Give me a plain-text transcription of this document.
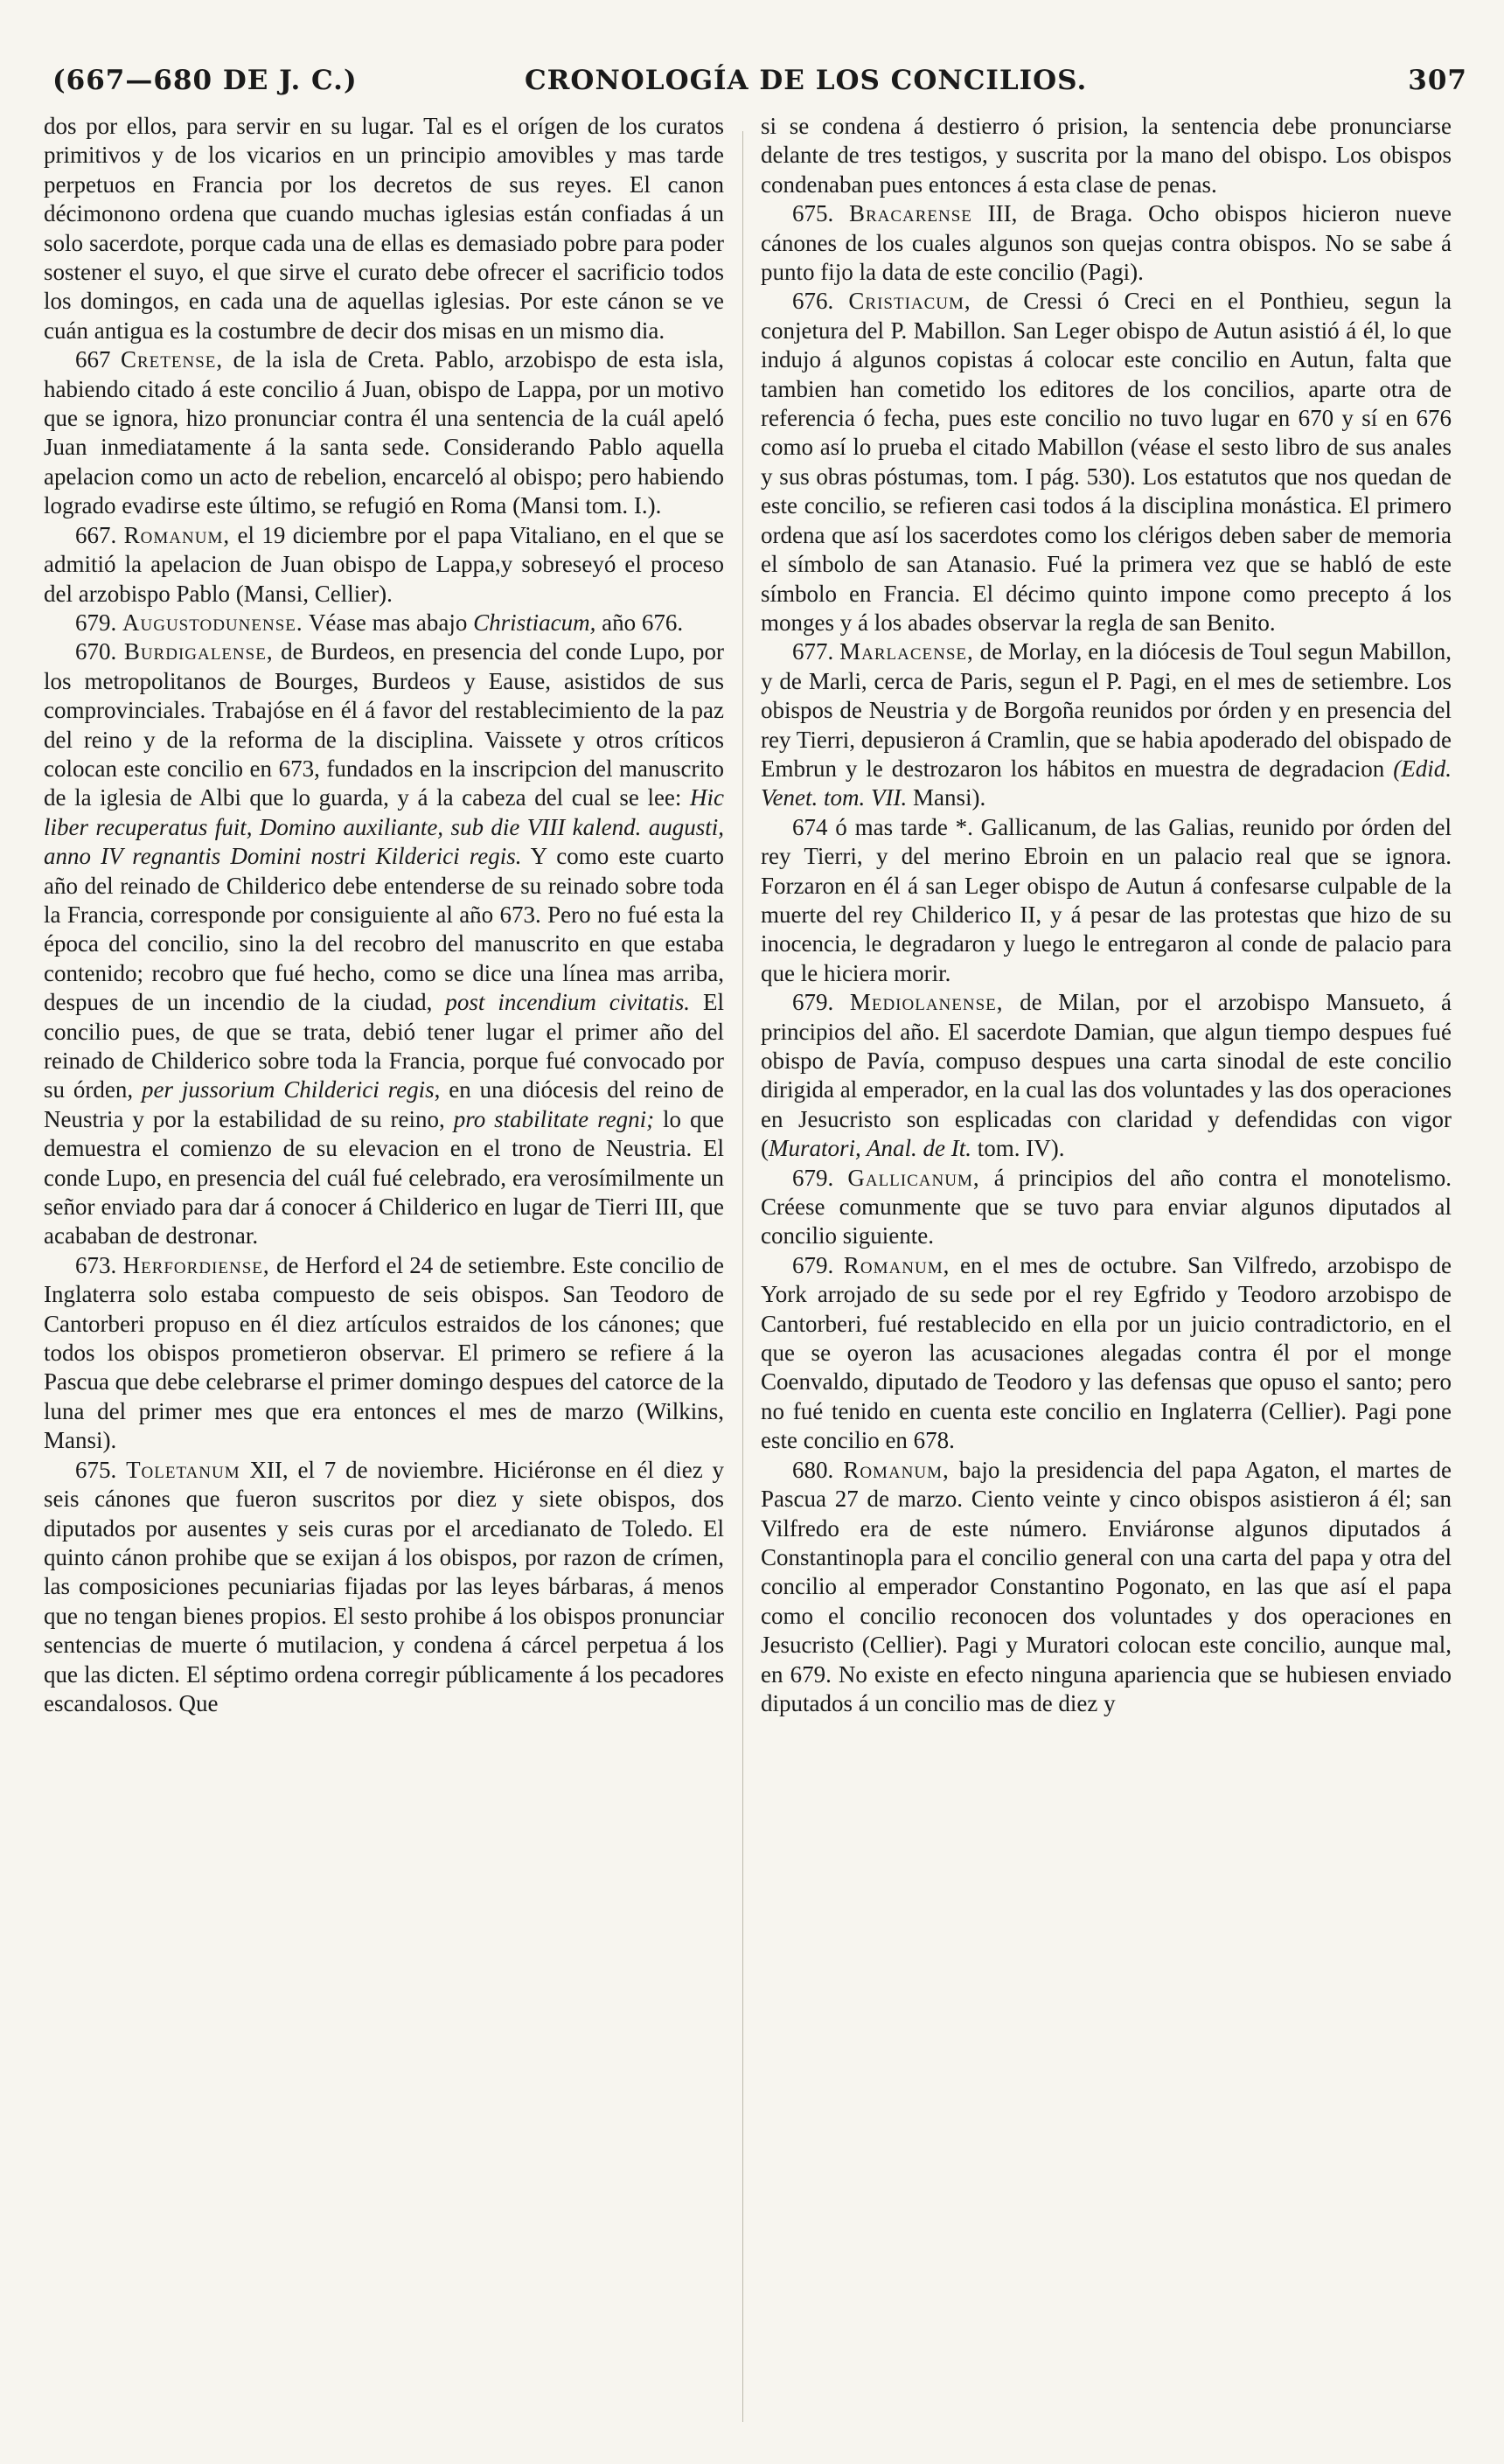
(667—680 DE J. C.)	CRONOLOGÍA DE LOS CONCILIOS.	307

dos por ellos, para servir en su lugar. Tal es el orígen de los curatos primitivos y de los vicarios en un principio amovibles y mas tarde perpetuos en Francia por los decretos de sus reyes. El canon décimonono ordena que cuando muchas iglesias están confiadas á un solo sacerdote, porque cada una de ellas es demasiado pobre para poder sostener el suyo, el que sirve el curato debe ofrecer el sacrificio todos los domingos, en cada una de aquellas iglesias. Por este cánon se ve cuán antigua es la costumbre de decir dos misas en un mismo dia.

667 Cretense, de la isla de Creta. Pablo, arzobispo de esta isla, habiendo citado á este concilio á Juan, obispo de Lappa, por un motivo que se ignora, hizo pronunciar contra él una sentencia de la cuál apeló Juan inmediatamente á la santa sede. Considerando Pablo aquella apelacion como un acto de rebelion, encarceló al obispo; pero habiendo logrado evadirse este último, se refugió en Roma (Mansi tom. I.).

667. Romanum, el 19 diciembre por el papa Vitaliano, en el que se admitió la apelacion de Juan obispo de Lappa,y sobreseyó el proceso del arzobispo Pablo (Mansi, Cellier).

679. Augustodunense. Véase mas abajo Christiacum, año 676.

670. Burdigalense, de Burdeos, en presencia del conde Lupo, por los metropolitanos de Bourges, Burdeos y Eause, asistidos de sus comprovinciales. Trabajóse en él á favor del restablecimiento de la paz del reino y de la reforma de la disciplina. Vaissete y otros críticos colocan este concilio en 673, fundados en la inscripcion del manuscrito de la iglesia de Albi que lo guarda, y á la cabeza del cual se lee: Hic liber recuperatus fuit, Domino auxiliante, sub die VIII kalend. augusti, anno IV regnantis Domini nostri Kilderici regis. Y como este cuarto año del reinado de Childerico debe entenderse de su reinado sobre toda la Francia, corresponde por consiguiente al año 673. Pero no fué esta la época del concilio, sino la del recobro del manuscrito en que estaba contenido; recobro que fué hecho, como se dice una línea mas arriba, despues de un incendio de la ciudad, post incendium civitatis. El concilio pues, de que se trata, debió tener lugar el primer año del reinado de Childerico sobre toda la Francia, porque fué convocado por su órden, per jussorium Childerici regis, en una diócesis del reino de Neustria y por la estabilidad de su reino, pro stabilitate regni; lo que demuestra el comienzo de su elevacion en el trono de Neustria. El conde Lupo, en presencia del cuál fué celebrado, era verosímilmente un señor enviado para dar á conocer á Childerico en lugar de Tierri III, que acababan de destronar.

673. Herfordiense, de Herford el 24 de setiembre. Este concilio de Inglaterra solo estaba compuesto de seis obispos. San Teodoro de Cantorberi propuso en él diez artículos estraidos de los cánones; que todos los obispos prometieron observar. El primero se refiere á la Pascua que debe celebrarse el primer domingo despues del catorce de la luna del primer mes que era entonces el mes de marzo (Wilkins, Mansi).

675. Toletanum XII, el 7 de noviembre. Hiciéronse en él diez y seis cánones que fueron suscritos por diez y siete obispos, dos diputados por ausentes y seis curas por el arcedianato de Toledo. El quinto cánon prohibe que se exijan á los obispos, por razon de crímen, las composiciones pecuniarias fijadas por las leyes bárbaras, á menos que no tengan bienes propios. El sesto prohibe á los obispos pronunciar sentencias de muerte ó mutilacion, y condena á cárcel perpetua á los que las dicten. El séptimo ordena corregir públicamente á los pecadores escandalosos. Que

si se condena á destierro ó prision, la sentencia debe pronunciarse delante de tres testigos, y suscrita por la mano del obispo. Los obispos condenaban pues entonces á esta clase de penas.

675. Bracarense III, de Braga. Ocho obispos hicieron nueve cánones de los cuales algunos son quejas contra obispos. No se sabe á punto fijo la data de este concilio (Pagi).

676. Cristiacum, de Cressi ó Creci en el Ponthieu, segun la conjetura del P. Mabillon. San Leger obispo de Autun asistió á él, lo que indujo á algunos copistas á colocar este concilio en Autun, falta que tambien han cometido los editores de los concilios, aparte otra de referencia ó fecha, pues este concilio no tuvo lugar en 670 y sí en 676 como así lo prueba el citado Mabillon (véase el sesto libro de sus anales y sus obras póstumas, tom. I pág. 530). Los estatutos que nos quedan de este concilio, se refieren casi todos á la disciplina monástica. El primero ordena que así los sacerdotes como los clérigos deben saber de memoria el símbolo de san Atanasio. Fué la primera vez que se habló de este símbolo en Francia. El décimo quinto impone como precepto á los monges y á los abades observar la regla de san Benito.

677. Marlacense, de Morlay, en la diócesis de Toul segun Mabillon, y de Marli, cerca de Paris, segun el P. Pagi, en el mes de setiembre. Los obispos de Neustria y de Borgoña reunidos por órden y en presencia del rey Tierri, depusieron á Cramlin, que se habia apoderado del obispado de Embrun y le destrozaron los hábitos en muestra de degradacion (Edid. Venet. tom. VII. Mansi).

674 ó mas tarde *. Gallicanum, de las Galias, reunido por órden del rey Tierri, y del merino Ebroin en un palacio real que se ignora. Forzaron en él á san Leger obispo de Autun á confesarse culpable de la muerte del rey Childerico II, y á pesar de las protestas que hizo de su inocencia, le degradaron y luego le entregaron al conde de palacio para que le hiciera morir.

679. Mediolanense, de Milan, por el arzobispo Mansueto, á principios del año. El sacerdote Damian, que algun tiempo despues fué obispo de Pavía, compuso despues una carta sinodal de este concilio dirigida al emperador, en la cual las dos voluntades y las dos operaciones en Jesucristo son esplicadas con claridad y defendidas con vigor (Muratori, Anal. de It. tom. IV).

679. Gallicanum, á principios del año contra el monotelismo. Créese comunmente que se tuvo para enviar algunos diputados al concilio siguiente.

679. Romanum, en el mes de octubre. San Vilfredo, arzobispo de York arrojado de su sede por el rey Egfrido y Teodoro arzobispo de Cantorberi, fué restablecido en ella por un juicio contradictorio, en el que se oyeron las acusaciones alegadas contra él por el monge Coenvaldo, diputado de Teodoro y las defensas que opuso el santo; pero no fué tenido en cuenta este concilio en Inglaterra (Cellier). Pagi pone este concilio en 678.

680. Romanum, bajo la presidencia del papa Agaton, el martes de Pascua 27 de marzo. Ciento veinte y cinco obispos asistieron á él; san Vilfredo era de este número. Enviáronse algunos diputados á Constantinopla para el concilio general con una carta del papa y otra del concilio al emperador Constantino Pogonato, en las que así el papa como el concilio reconocen dos voluntades y dos operaciones en Jesucristo (Cellier). Pagi y Muratori colocan este concilio, aunque mal, en 679. No existe en efecto ninguna apariencia que se hubiesen enviado diputados á un concilio mas de diez y
